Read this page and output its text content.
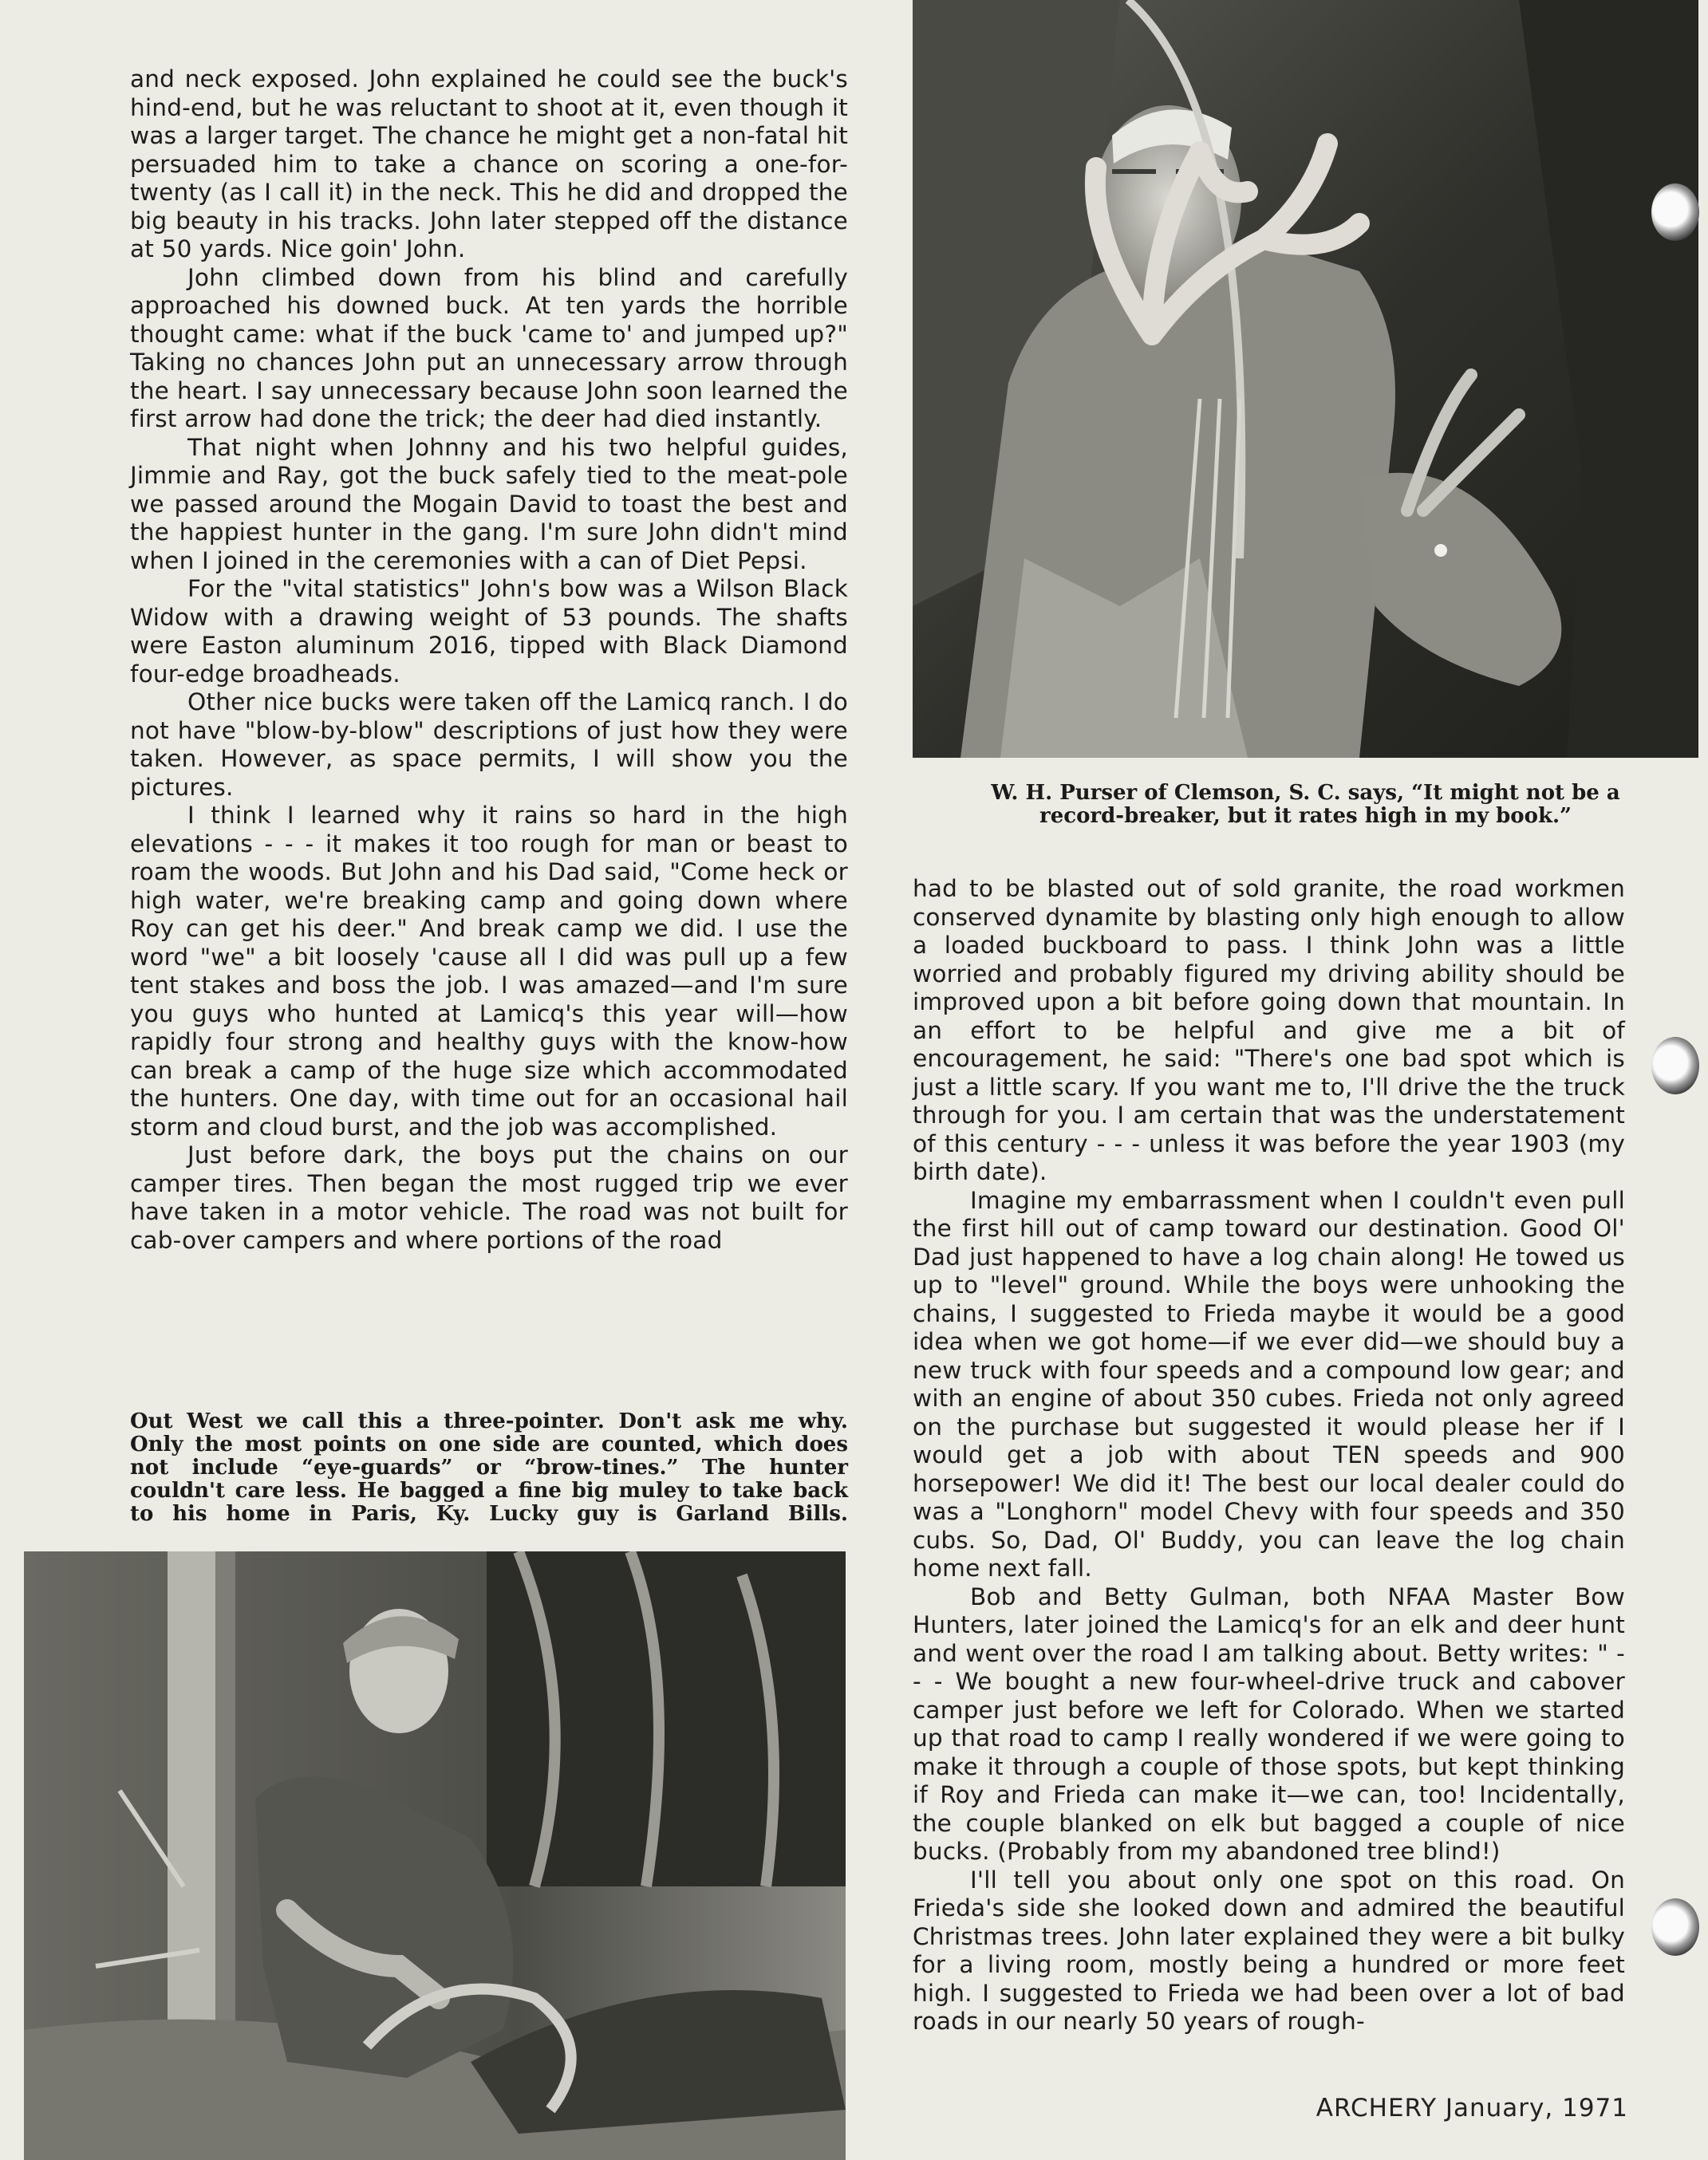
and neck exposed. John explained he could see the buck's hind-end, but he was reluctant to shoot at it, even though it was a larger target. The chance he might get a non-fatal hit persuaded him to take a chance on scoring a one-for-twenty (as I call it) in the neck. This he did and dropped the big beauty in his tracks. John later stepped off the distance at 50 yards. Nice goin' John.

John climbed down from his blind and carefully approached his downed buck. At ten yards the horrible thought came: what if the buck 'came to' and jumped up?" Taking no chances John put an unnecessary arrow through the heart. I say unnecessary because John soon learned the first arrow had done the trick; the deer had died instantly.

That night when Johnny and his two helpful guides, Jimmie and Ray, got the buck safely tied to the meat-pole we passed around the Mogain David to toast the best and the happiest hunter in the gang. I'm sure John didn't mind when I joined in the ceremonies with a can of Diet Pepsi.

For the "vital statistics" John's bow was a Wilson Black Widow with a drawing weight of 53 pounds. The shafts were Easton aluminum 2016, tipped with Black Diamond four-edge broadheads.

Other nice bucks were taken off the Lamicq ranch. I do not have "blow-by-blow" descriptions of just how they were taken. However, as space permits, I will show you the pictures.

I think I learned why it rains so hard in the high elevations - - - it makes it too rough for man or beast to roam the woods. But John and his Dad said, "Come heck or high water, we're breaking camp and going down where Roy can get his deer." And break camp we did. I use the word "we" a bit loosely 'cause all I did was pull up a few tent stakes and boss the job. I was amazed—and I'm sure you guys who hunted at Lamicq's this year will—how rapidly four strong and healthy guys with the know-how can break a camp of the huge size which accommodated the hunters. One day, with time out for an occasional hail storm and cloud burst, and the job was accomplished.

Just before dark, the boys put the chains on our camper tires. Then began the most rugged trip we ever have taken in a motor vehicle. The road was not built for cab-over campers and where portions of the road

W. H. Purser of Clemson, S. C. says, “It might not be a
record-breaker, but it rates high in my book.”

had to be blasted out of sold granite, the road workmen conserved dynamite by blasting only high enough to allow a loaded buckboard to pass. I think John was a little worried and probably figured my driving ability should be improved upon a bit before going down that mountain. In an effort to be helpful and give me a bit of encouragement, he said: "There's one bad spot which is just a little scary. If you want me to, I'll drive the the truck through for you. I am certain that was the understatement of this century - - - unless it was before the year 1903 (my birth date).

Imagine my embarrassment when I couldn't even pull the first hill out of camp toward our destination. Good Ol' Dad just happened to have a log chain along! He towed us up to "level" ground. While the boys were unhooking the chains, I suggested to Frieda maybe it would be a good idea when we got home—if we ever did—we should buy a new truck with four speeds and a compound low gear; and with an engine of about 350 cubes. Frieda not only agreed on the purchase but suggested it would please her if I would get a job with about TEN speeds and 900 horsepower! We did it! The best our local dealer could do was a "Longhorn" model Chevy with four speeds and 350 cubs. So, Dad, Ol' Buddy, you can leave the log chain home next fall.

Bob and Betty Gulman, both NFAA Master Bow Hunters, later joined the Lamicq's for an elk and deer hunt and went over the road I am talking about. Betty writes: " - - - We bought a new four-wheel-drive truck and cabover camper just before we left for Colorado. When we started up that road to camp I really wondered if we were going to make it through a couple of those spots, but kept thinking if Roy and Frieda can make it—we can, too! Incidentally, the couple blanked on elk but bagged a couple of nice bucks. (Probably from my abandoned tree blind!)

I'll tell you about only one spot on this road. On Frieda's side she looked down and admired the beautiful Christmas trees. John later explained they were a bit bulky for a living room, mostly being a hundred or more feet high. I suggested to Frieda we had been over a lot of bad roads in our nearly 50 years of rough-

Out West we call this a three-pointer. Don't ask me why.
Only the most points on one side are counted, which does
not include “eye-guards” or “brow-tines.” The hunter
couldn't care less. He bagged a fine big muley to take back
to his home in Paris, Ky. Lucky guy is Garland Bills.

ARCHERY January, 1971
